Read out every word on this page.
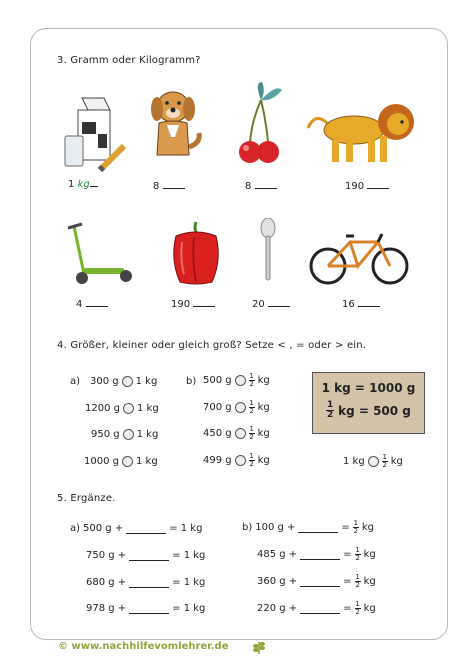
3. Gramm oder Kilogramm?
1 kg	8	8	190
4	190	20	16
4. Größer, kleiner oder gleich groß? Setze < , = oder > ein.
a)	b)
300 g 1 kg
1200 g 1 kg
950 g 1 kg
1000 g 1 kg
500 g $\frac{1}{2}$ kg
700 g $\frac{1}{2}$ kg
450 g $\frac{1}{2}$ kg
499 g $\frac{1}{2}$ kg
1 kg = 1000 g
1
2 kg = 500 g
1 kg $\frac{1}{2}$ kg
5. Ergänze.
a) 500 g +	= 1 kg
750 g +	= 1 kg
680 g +	= 1 kg
978 g +	= 1 kg
b) 100 g +	= $\frac{1}{2}$ kg
485 g +	= $\frac{1}{2}$ kg
360 g +	= $\frac{1}{2}$ kg
220 g +	= $\frac{1}{2}$ kg
© www.nachhilfevomlehrer.de
